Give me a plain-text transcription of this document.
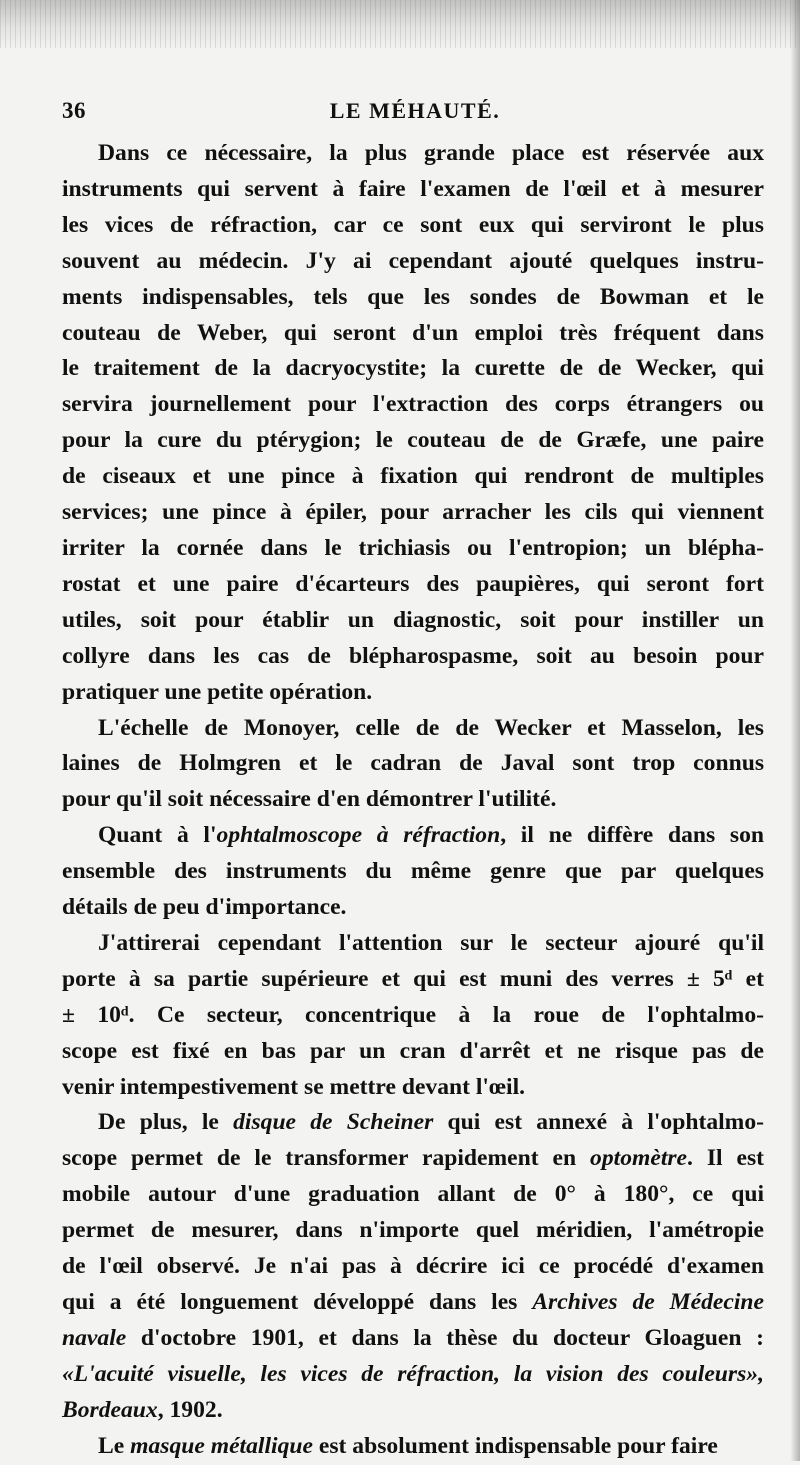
36	LE MÉHAUTÉ.
Dans ce nécessaire, la plus grande place est réservée aux
instruments qui servent à faire l'examen de l'œil et à mesurer
les vices de réfraction, car ce sont eux qui serviront le plus
souvent au médecin. J'y ai cependant ajouté quelques instru-
ments indispensables, tels que les sondes de Bowman et le
couteau de Weber, qui seront d'un emploi très fréquent dans
le traitement de la dacryocystite; la curette de de Wecker, qui
servira journellement pour l'extraction des corps étrangers ou
pour la cure du ptérygion; le couteau de de Græfe, une paire
de ciseaux et une pince à fixation qui rendront de multiples
services; une pince à épiler, pour arracher les cils qui viennent
irriter la cornée dans le trichiasis ou l'entropion; un blépha-
rostat et une paire d'écarteurs des paupières, qui seront fort
utiles, soit pour établir un diagnostic, soit pour instiller un
collyre dans les cas de blépharospasme, soit au besoin pour
pratiquer une petite opération.
L'échelle de Monoyer, celle de de Wecker et Masselon, les
laines de Holmgren et le cadran de Javal sont trop connus
pour qu'il soit nécessaire d'en démontrer l'utilité.
Quant à l'ophtalmoscope à réfraction, il ne diffère dans son
ensemble des instruments du même genre que par quelques
détails de peu d'importance.
J'attirerai cependant l'attention sur le secteur ajouré qu'il
porte à sa partie supérieure et qui est muni des verres ± 5ᵈ et
± 10ᵈ. Ce secteur, concentrique à la roue de l'ophtalmo-
scope est fixé en bas par un cran d'arrêt et ne risque pas de
venir intempestivement se mettre devant l'œil.
De plus, le disque de Scheiner qui est annexé à l'ophtalmo-
scope permet de le transformer rapidement en optomètre. Il est
mobile autour d'une graduation allant de 0° à 180°, ce qui
permet de mesurer, dans n'importe quel méridien, l'amétropie
de l'œil observé. Je n'ai pas à décrire ici ce procédé d'examen
qui a été longuement développé dans les Archives de Médecine
navale d'octobre 1901, et dans la thèse du docteur Gloaguen :
«L'acuité visuelle, les vices de réfraction, la vision des couleurs»,
Bordeaux, 1902.
Le masque métallique est absolument indispensable pour faire
